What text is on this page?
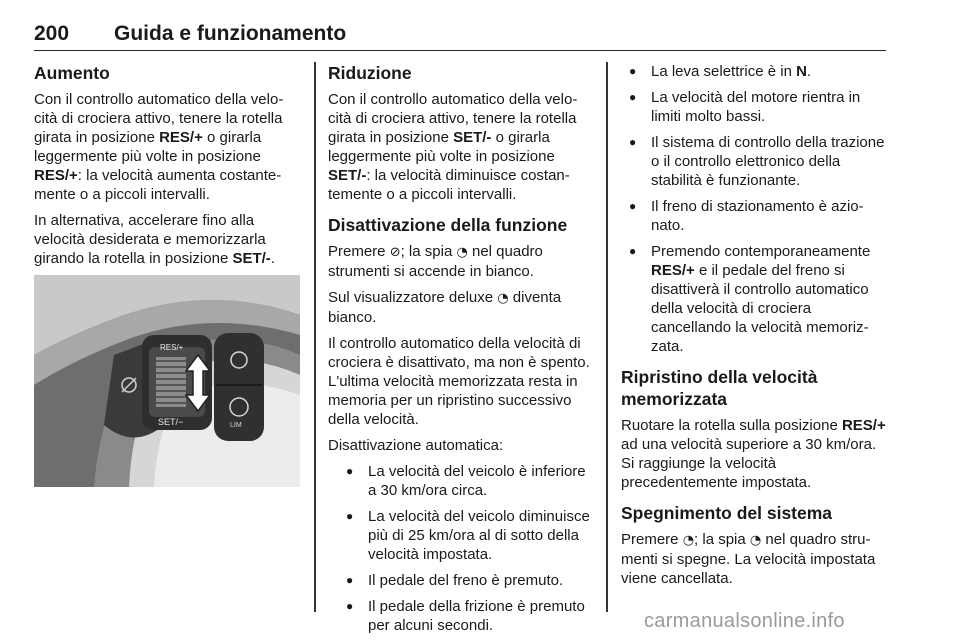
200 Guida e funzionamento
Aumento

Con il controllo automatico della velocità di crociera attivo, tenere la rotella girata in posizione RES/+ o girarla leggermente più volte in posizione RES/+: la velocità aumenta costantemente o a piccoli intervalli.

In alternativa, accelerare fino alla velocità desiderata e memorizzarla girando la rotella in posizione SET/-.

RES/+
SET/−	LIM
Riduzione

Con il controllo automatico della velocità di crociera attivo, tenere la rotella girata in posizione SET/- o girarla leggermente più volte in posizione SET/-: la velocità diminuisce costantemente o a piccoli intervalli.

Disattivazione della funzione

Premere ⊘; la spia ◔ nel quadro strumenti si accende in bianco.

Sul visualizzatore deluxe ◔ diventa bianco.

Il controllo automatico della velocità di crociera è disattivato, ma non è spento. L'ultima velocità memorizzata resta in memoria per un ripristino successivo della velocità.

Disattivazione automatica:

● La velocità del veicolo è inferiore a 30 km/ora circa.
● La velocità del veicolo diminuisce più di 25 km/ora al di sotto della velocità impostata.
● Il pedale del freno è premuto.
● Il pedale della frizione è premuto per alcuni secondi.
● La leva selettrice è in N.
● La velocità del motore rientra in limiti molto bassi.
● Il sistema di controllo della trazione o il controllo elettronico della stabilità è funzionante.
● Il freno di stazionamento è azionato.
● Premendo contemporaneamente RES/+ e il pedale del freno si disattiverà il controllo automatico della velocità di crociera cancellando la velocità memorizzata.
Ripristino della velocità memorizzata

Ruotare la rotella sulla posizione RES/+ ad una velocità superiore a 30 km/ora. Si raggiunge la velocità precedentemente impostata.

Spegnimento del sistema

Premere ◔; la spia ◔ nel quadro strumenti si spegne. La velocità impostata viene cancellata.

carmanualsonline.info
